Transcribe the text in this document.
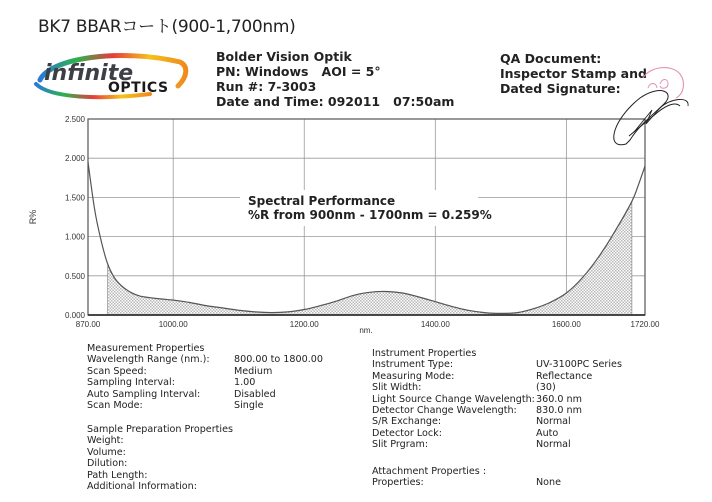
BK7 BBARコート(900-1,700nm)
infinite
OPTICS
Bolder Vision Optik
PN: Windows   AOI = 5°
Run #: 7-3003
Date and Time: 092011   07:50am
QA Document:
Inspector Stamp and
Dated Signature:
0.000
0.500
1.000
1.500
2.000
2.500
870.00	1000.00	1200.00	1400.00	1600.00	1720.00
R%
nm.
Spectral Performance
%R from 900nm - 1700nm = 0.259%
Measurement Properties
Wavelength Range (nm.):	800.00 to 1800.00
Scan Speed:	Medium
Sampling Interval:	1.00
Auto Sampling Interval:	Disabled
Scan Mode:	Single
Sample Preparation Properties
Weight:
Volume:
Dilution:
Path Length:
Additional Information:
Instrument Properties
Instrument Type:	UV-3100PC Series
Measuring Mode:	Reflectance
Slit Width:	(30)
Light Source Change Wavelength: 360.0 nm
Detector Change Wavelength: 830.0 nm
S/R Exchange:	Normal
Detector Lock:	Auto
Slit Prgram:	Normal
Attachment Properties :
Properties:	None
